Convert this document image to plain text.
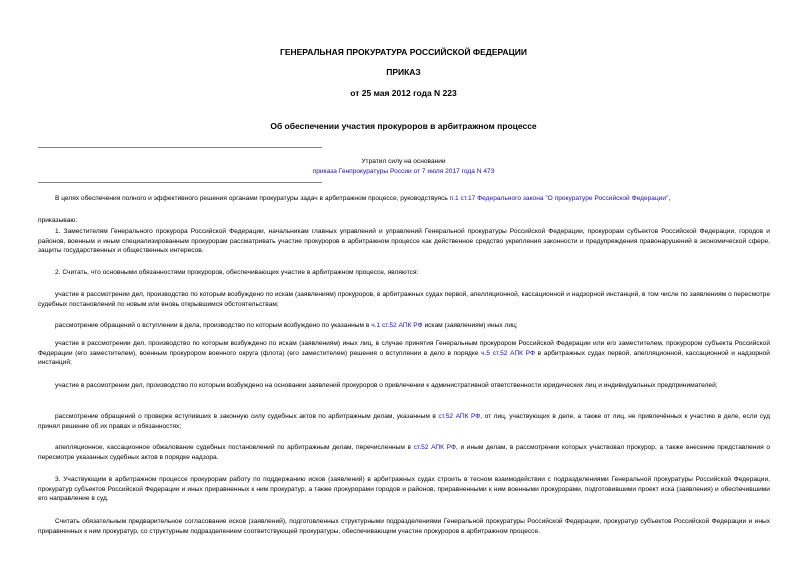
ГЕНЕРАЛЬНАЯ ПРОКУРАТУРА РОССИЙСКОЙ ФЕДЕРАЦИИ
ПРИКАЗ
от 25 мая 2012 года N 223
Об обеспечении участия прокуроров в арбитражном процессе
Утратил силу на основании
приказа Генпрокуратуры России от 7 июля 2017 года N 473
В целях обеспечения полного и эффективного решения органами прокуратуры задач в арбитражном процессе, руководствуясь п.1 ст.17 Федерального закона "О прокуратуре Российской Федерации",
приказываю:
1. Заместителям Генерального прокурора Российской Федерации, начальникам главных управлений и управлений Генеральной прокуратуры Российской Федерации, прокурорам субъектов Российской Федерации, городов и районов, военным и иным специализированным прокурорам рассматривать участие прокуроров в арбитражном процессе как действенное средство укрепления законности и предупреждения правонарушений в экономической сфере, защиты государственных и общественных интересов.
2. Считать, что основными обязанностями прокуроров, обеспечивающих участие в арбитражном процессе, являются:
участие в рассмотрении дел, производство по которым возбуждено по искам (заявлениям) прокуроров, в арбитражных судах первой, апелляционной, кассационной и надзорной инстанций, в том числе по заявлениям о пересмотре судебных постановлений по новым или вновь открывшимся обстоятельствам;
рассмотрение обращений о вступлении в дела, производство по которым возбуждено по указанным в ч.1 ст.52 АПК РФ искам (заявлениям) иных лиц;
участие в рассмотрении дел, производство по которым возбуждено по искам (заявлениям) иных лиц, в случае принятия Генеральным прокурором Российской Федерации или его заместителем, прокурором субъекта Российской Федерации (его заместителем), военным прокурором военного округа (флота) (его заместителем) решения о вступлении в дело в порядке ч.5 ст.52 АПК РФ в арбитражных судах первой, апелляционной, кассационной и надзорной инстанций;
участие в рассмотрении дел, производство по которым возбуждено на основании заявлений прокуроров о привлечении к административной ответственности юридических лиц и индивидуальных предпринимателей;
рассмотрение обращений о проверке вступивших в законную силу судебных актов по арбитражным делам, указанным в ст.52 АПК РФ, от лиц, участвующих в деле, а также от лиц, не привлечённых к участию в деле, если суд принял решение об их правах и обязанностях;
апелляционное, кассационное обжалование судебных постановлений по арбитражным делам, перечисленным в ст.52 АПК РФ, и иным делам, в рассмотрении которых участвовал прокурор, а также внесение представления о пересмотре указанных судебных актов в порядке надзора.
3. Участвующим в арбитражном процессе прокурорам работу по поддержанию исков (заявлений) в арбитражных судах строить в тесном взаимодействии с подразделениями Генеральной прокуратуры Российской Федерации, прокуратур субъектов Российской Федерации и иных приравненных к ним прокуратур, а также прокурорами городов и районов, приравненными к ним военными прокурорами, подготовившими проект иска (заявления) и обеспечившими его направление в суд.
Считать обязательным предварительное согласование исков (заявлений), подготовленных структурными подразделениями Генеральной прокуратуры Российской Федерации, прокуратур субъектов Российской Федерации и иных приравненных к ним прокуратур, со структурным подразделением соответствующей прокуратуры, обеспечивающим участие прокуроров в арбитражном процессе.
